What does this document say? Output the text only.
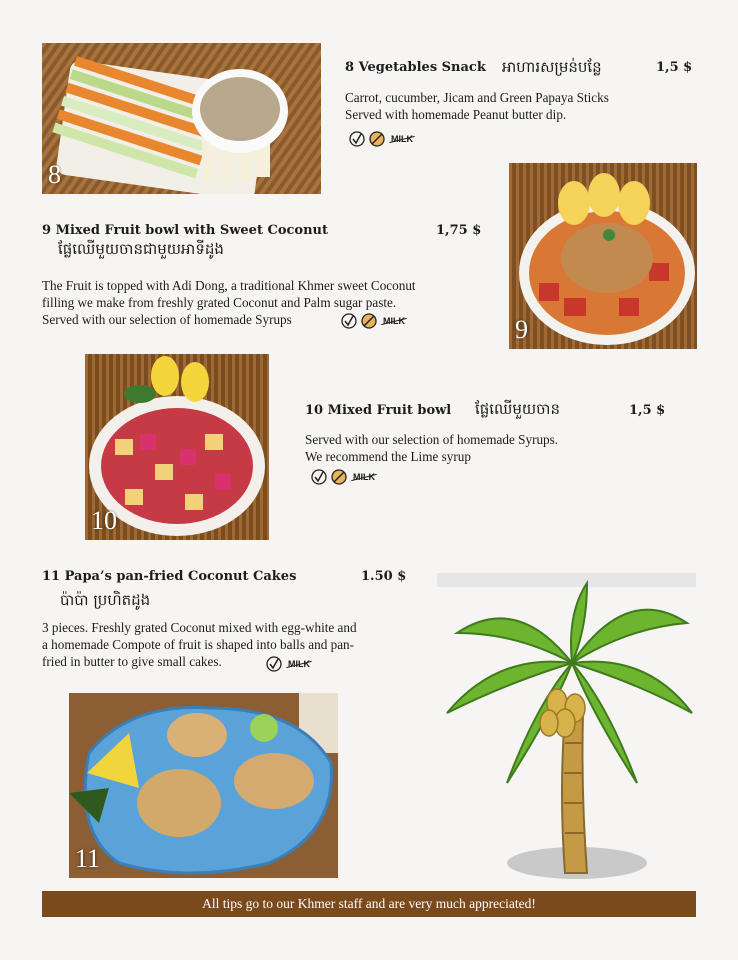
8
8 Vegetables Snack អាហារសម្រន់បន្លែ	1,5 $
Carrot, cucumber, Jicam and Green Papaya Sticks
Served with homemade Peanut butter dip.
MILK
9
9 Mixed Fruit bowl with Sweet Coconut	1,75 $
ផ្លែឈើមួយចានជាមួយអាទីដូង
The Fruit is topped with Adi Dong, a traditional Khmer sweet Coconut
filling we make from freshly grated Coconut and Palm sugar paste.
Served with our selection of homemade Syrups	MILK
10
10 Mixed Fruit bowl ផ្លែឈើមួយចាន	1,5 $
Served with our selection of homemade Syrups.
We recommend the Lime syrup
MILK
11 Papa’s pan-fried Coconut Cakes	1.50 $
ប៉ាប៉ា ប្រហិតដូង
3 pieces. Freshly grated Coconut mixed with egg-white and
a homemade Compote of fruit is shaped into balls and pan-
fried in butter to give small cakes.	MILK
11
All tips go to our Khmer staff and are very much appreciated!
